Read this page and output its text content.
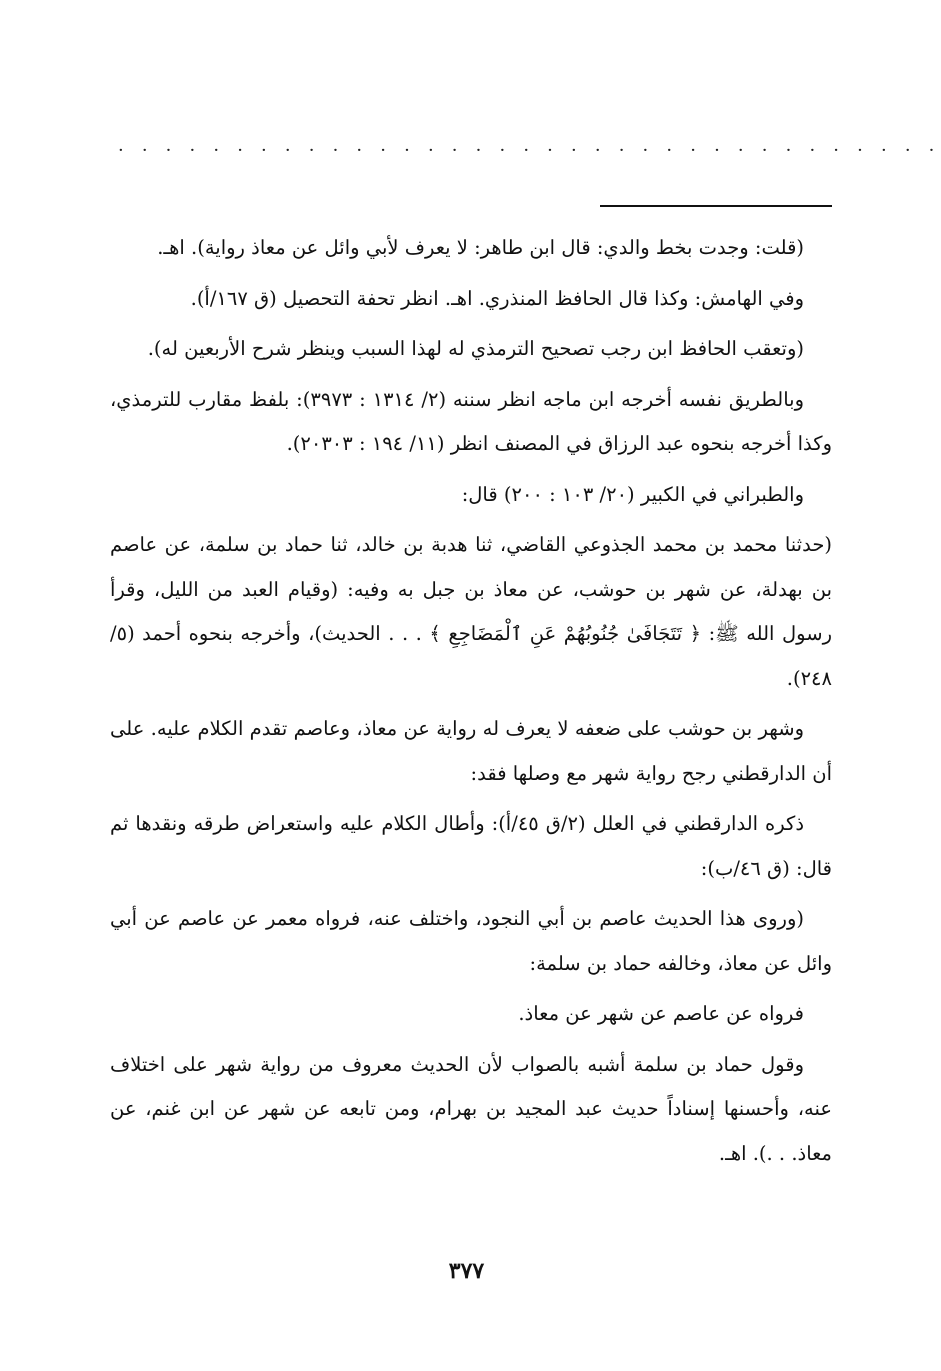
· · · · · · · · · · · · · · · · · · · · · · · · · · · · · · · · · · ·

(قلت: وجدت بخط والدي: قال ابن طاهر: لا يعرف لأبي وائل عن معاذ رواية). اهـ.

وفي الهامش: وكذا قال الحافظ المنذري. اهـ. انظر تحفة التحصيل (ق ١٦٧/أ).

(وتعقب الحافظ ابن رجب تصحيح الترمذي له لهذا السبب وينظر شرح الأربعين له).

وبالطريق نفسه أخرجه ابن ماجه انظر سننه (٢/ ١٣١٤ : ٣٩٧٣): بلفظ مقارب للترمذي، وكذا أخرجه بنحوه عبد الرزاق في المصنف انظر (١١/ ١٩٤ : ٢٠٣٠٣).

والطبراني في الكبير (٢٠/ ١٠٣ : ٢٠٠) قال:

(حدثنا محمد بن محمد الجذوعي القاضي، ثنا هدبة بن خالد، ثنا حماد بن سلمة، عن عاصم بن بهدلة، عن شهر بن حوشب، عن معاذ بن جبل به وفيه: (وقيام العبد من الليل، وقرأ رسول الله ﷺ: ﴿ تَتَجَافَىٰ جُنُوبُهُمْ عَنِ ٱلْمَضَاجِعِ ﴾ . . . الحديث)، وأخرجه بنحوه أحمد (٥/ ٢٤٨).

وشهر بن حوشب على ضعفه لا يعرف له رواية عن معاذ، وعاصم تقدم الكلام عليه. على أن الدارقطني رجح رواية شهر مع وصلها فقد:

ذكره الدارقطني في العلل (٢/ق ٤٥/أ): وأطال الكلام عليه واستعراض طرقه ونقدها ثم قال: (ق ٤٦/ب):

(وروى هذا الحديث عاصم بن أبي النجود، واختلف عنه، فرواه معمر عن عاصم عن أبي وائل عن معاذ، وخالفه حماد بن سلمة:

فرواه عن عاصم عن شهر عن معاذ.

وقول حماد بن سلمة أشبه بالصواب لأن الحديث معروف من رواية شهر على اختلاف عنه، وأحسنها إسناداً حديث عبد المجيد بن بهرام، ومن تابعه عن شهر عن ابن غنم، عن معاذ. . .). اهـ.

٣٧٧
